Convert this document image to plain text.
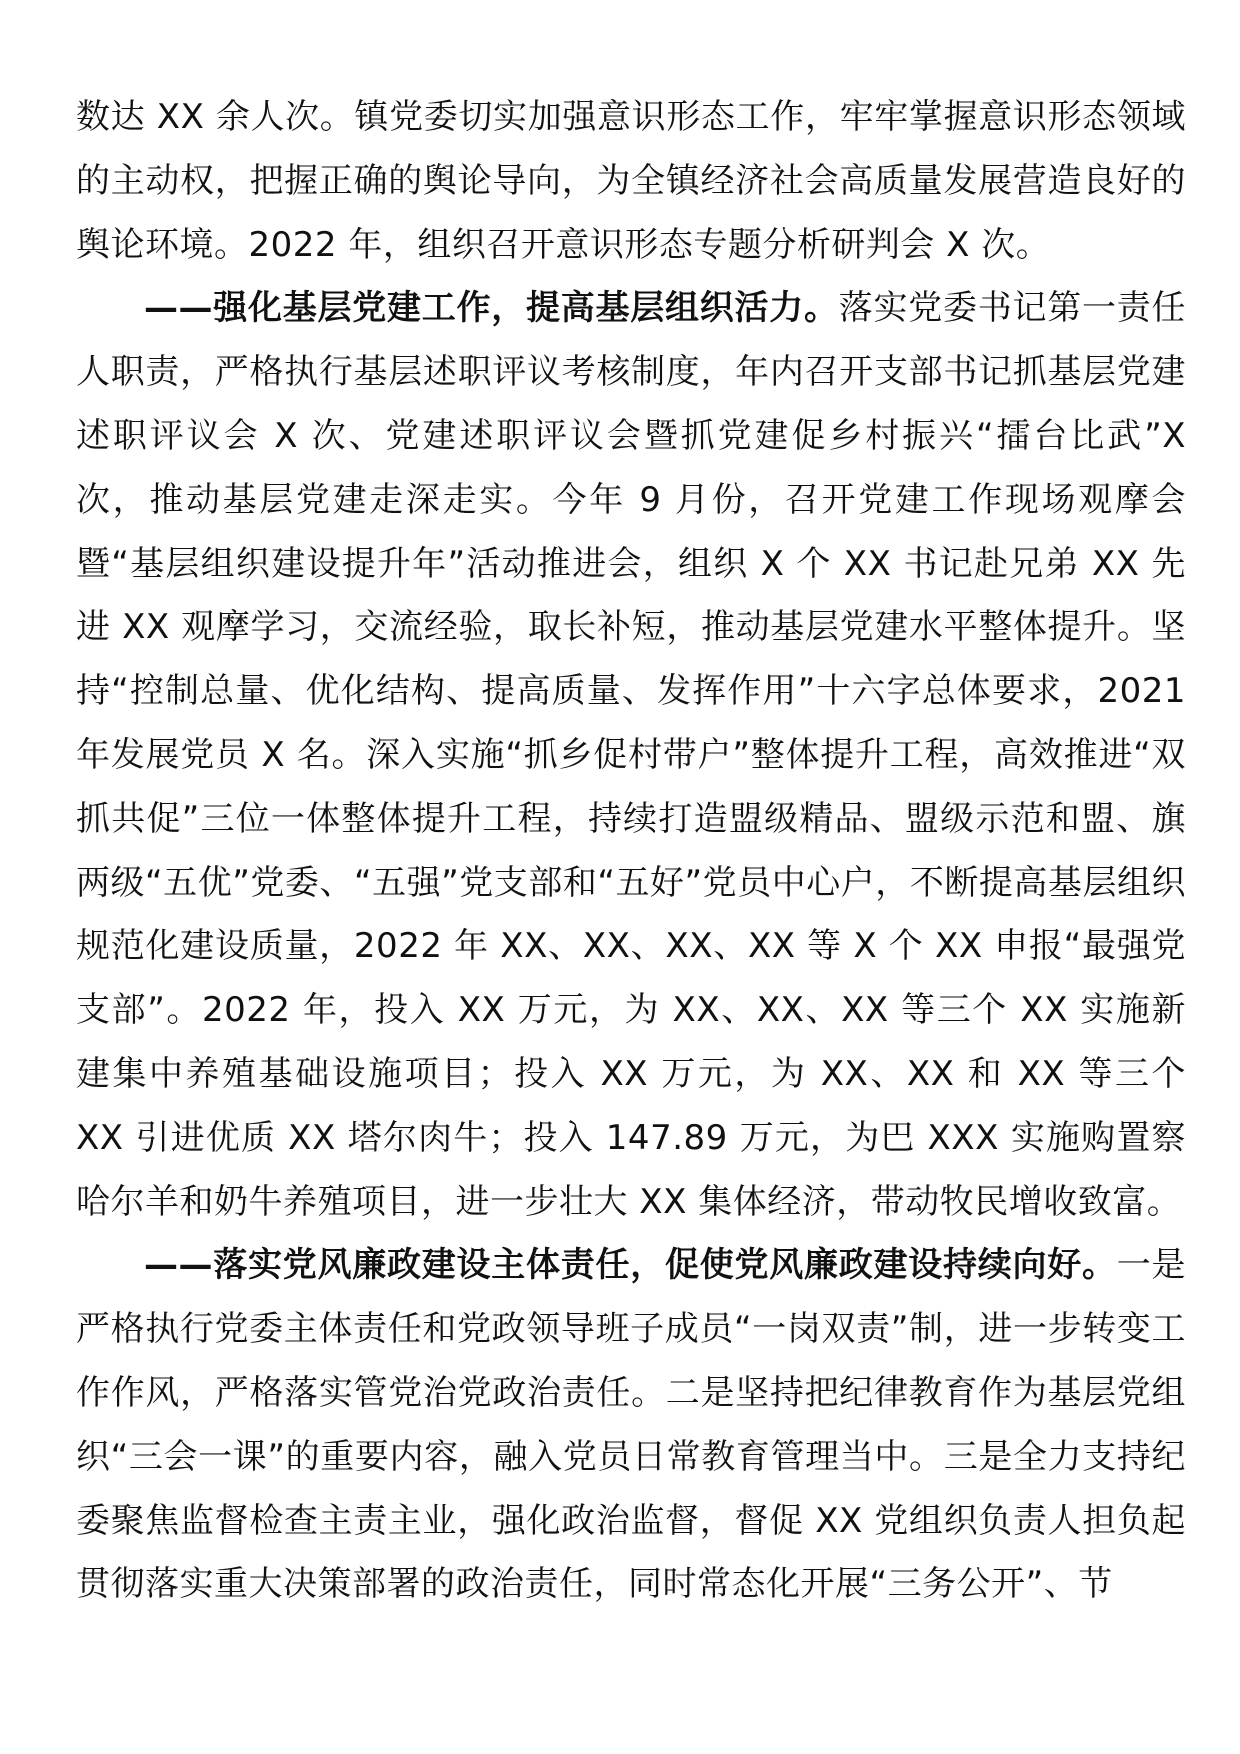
数达 XX 余人次。镇党委切实加强意识形态工作，牢牢掌握意识形态领域的主动权，把握正确的舆论导向，为全镇经济社会高质量发展营造良好的舆论环境。2022 年，组织召开意识形态专题分析研判会 X 次。

——强化基层党建工作，提高基层组织活力。落实党委书记第一责任人职责，严格执行基层述职评议考核制度，年内召开支部书记抓基层党建述职评议会 X 次、党建述职评议会暨抓党建促乡村振兴“擂台比武”X 次，推动基层党建走深走实。今年 9 月份，召开党建工作现场观摩会暨“基层组织建设提升年”活动推进会，组织 X 个 XX 书记赴兄弟 XX 先进 XX 观摩学习，交流经验，取长补短，推动基层党建水平整体提升。坚持“控制总量、优化结构、提高质量、发挥作用”十六字总体要求，2021 年发展党员 X 名。深入实施“抓乡促村带户”整体提升工程，高效推进“双抓共促”三位一体整体提升工程，持续打造盟级精品、盟级示范和盟、旗两级“五优”党委、“五强”党支部和“五好”党员中心户，不断提高基层组织规范化建设质量，2022 年 XX、XX、XX、XX 等 X 个 XX 申报“最强党支部”。2022 年，投入 XX 万元，为 XX、XX、XX 等三个 XX 实施新建集中养殖基础设施项目；投入 XX 万元，为 XX、XX 和 XX 等三个 XX 引进优质 XX 塔尔肉牛；投入 147.89 万元，为巴 XXX 实施购置察哈尔羊和奶牛养殖项目，进一步壮大 XX 集体经济，带动牧民增收致富。

——落实党风廉政建设主体责任，促使党风廉政建设持续向好。一是严格执行党委主体责任和党政领导班子成员“一岗双责”制，进一步转变工作作风，严格落实管党治党政治责任。二是坚持把纪律教育作为基层党组织“三会一课”的重要内容，融入党员日常教育管理当中。三是全力支持纪委聚焦监督检查主责主业，强化政治监督，督促 XX 党组织负责人担负起贯彻落实重大决策部署的政治责任，同时常态化开展“三务公开”、节
